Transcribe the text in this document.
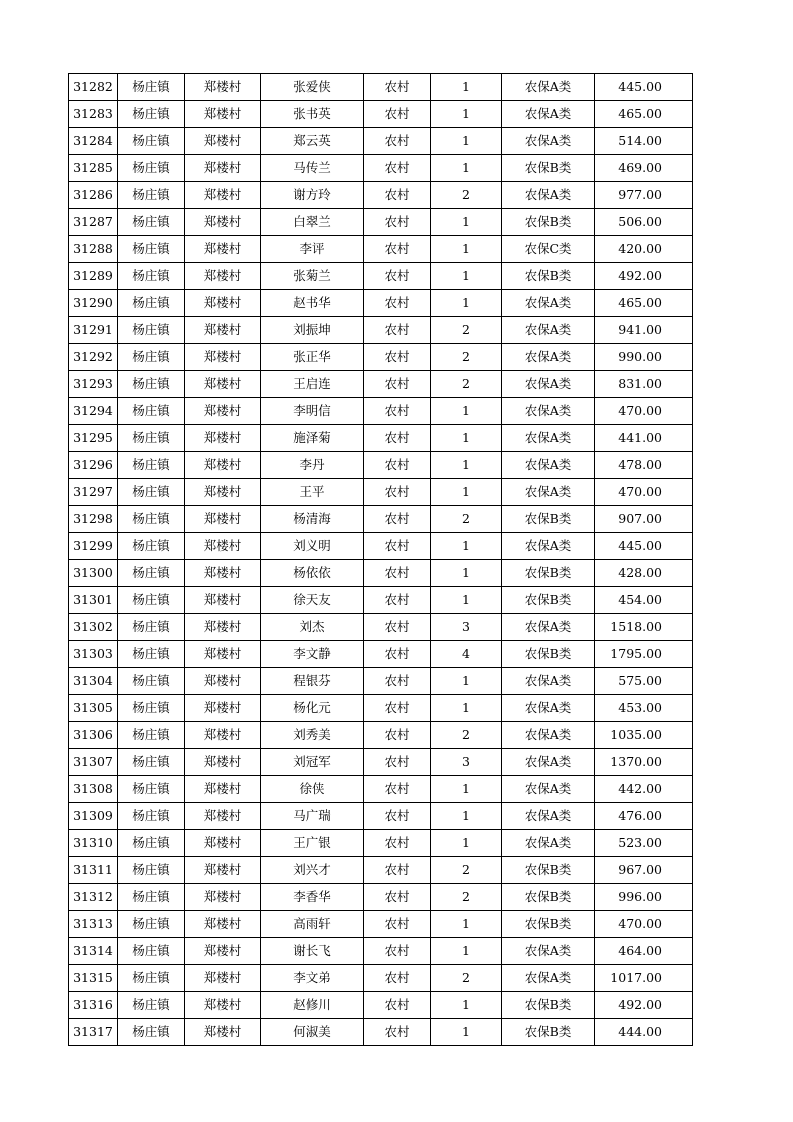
31282	杨庄镇	郑楼村	张爱侠	农村	1	农保A类	445.00
31283	杨庄镇	郑楼村	张书英	农村	1	农保A类	465.00
31284	杨庄镇	郑楼村	郑云英	农村	1	农保A类	514.00
31285	杨庄镇	郑楼村	马传兰	农村	1	农保B类	469.00
31286	杨庄镇	郑楼村	谢方玲	农村	2	农保A类	977.00
31287	杨庄镇	郑楼村	白翠兰	农村	1	农保B类	506.00
31288	杨庄镇	郑楼村	李评	农村	1	农保C类	420.00
31289	杨庄镇	郑楼村	张菊兰	农村	1	农保B类	492.00
31290	杨庄镇	郑楼村	赵书华	农村	1	农保A类	465.00
31291	杨庄镇	郑楼村	刘振坤	农村	2	农保A类	941.00
31292	杨庄镇	郑楼村	张正华	农村	2	农保A类	990.00
31293	杨庄镇	郑楼村	王启连	农村	2	农保A类	831.00
31294	杨庄镇	郑楼村	李明信	农村	1	农保A类	470.00
31295	杨庄镇	郑楼村	施泽菊	农村	1	农保A类	441.00
31296	杨庄镇	郑楼村	李丹	农村	1	农保A类	478.00
31297	杨庄镇	郑楼村	王平	农村	1	农保A类	470.00
31298	杨庄镇	郑楼村	杨清海	农村	2	农保B类	907.00
31299	杨庄镇	郑楼村	刘义明	农村	1	农保A类	445.00
31300	杨庄镇	郑楼村	杨依依	农村	1	农保B类	428.00
31301	杨庄镇	郑楼村	徐天友	农村	1	农保B类	454.00
31302	杨庄镇	郑楼村	刘杰	农村	3	农保A类	1518.00
31303	杨庄镇	郑楼村	李文静	农村	4	农保B类	1795.00
31304	杨庄镇	郑楼村	程银芬	农村	1	农保A类	575.00
31305	杨庄镇	郑楼村	杨化元	农村	1	农保A类	453.00
31306	杨庄镇	郑楼村	刘秀美	农村	2	农保A类	1035.00
31307	杨庄镇	郑楼村	刘冠军	农村	3	农保A类	1370.00
31308	杨庄镇	郑楼村	徐侠	农村	1	农保A类	442.00
31309	杨庄镇	郑楼村	马广瑞	农村	1	农保A类	476.00
31310	杨庄镇	郑楼村	王广银	农村	1	农保A类	523.00
31311	杨庄镇	郑楼村	刘兴才	农村	2	农保B类	967.00
31312	杨庄镇	郑楼村	李香华	农村	2	农保B类	996.00
31313	杨庄镇	郑楼村	高雨轩	农村	1	农保B类	470.00
31314	杨庄镇	郑楼村	谢长飞	农村	1	农保A类	464.00
31315	杨庄镇	郑楼村	李文弟	农村	2	农保A类	1017.00
31316	杨庄镇	郑楼村	赵修川	农村	1	农保B类	492.00
31317	杨庄镇	郑楼村	何淑美	农村	1	农保B类	444.00
